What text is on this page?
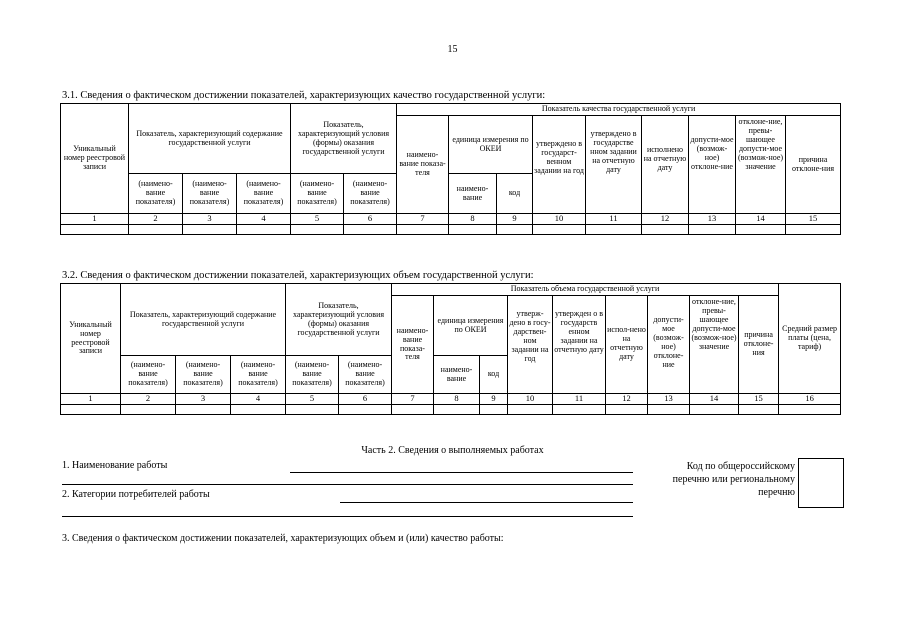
15
3.1. Сведения о фактическом достижении показателей, характеризующих качество государственной услуги:
Уникальный номер реестровой записи	Показатель, характеризующий содержание государственной услуги			Показатель, характеризующий условия (формы) оказания государственной услуги		Показатель качества государственной услуги								
						наимено-вание показа-теля	единица измерения по ОКЕИ		утверждено в государст-венном задании на год	утверждено в государстве нном задании на отчетную дату	исполнено на отчетную дату	допусти-мое (возмож-ное) отклоне-ние	отклоне-ние, превы-шающее допусти-мое (возмож-ное) значение	причина отклоне-ния
	(наимено-вание показателя)	(наимено-вание показателя)	(наимено-вание показателя)	(наимено-вание показателя)	(наимено-вание показателя)		наимено-вание	код						
1	2	3	4	5	6	7	8	9	10	11	12	13	14	15

3.2. Сведения о фактическом достижении показателей, характеризующих объем государственной услуги:
Уникальный номер реестровой записи	Показатель, характеризующий содержание государственной услуги			Показатель, характеризующий условия (формы) оказания государственной услуги		Показатель объема государственной услуги									Средний размер платы (цена, тариф)
						наимено-вание показа-теля	единица измерения по ОКЕИ		утверж-дено в госу-дарствен-ном задании на год	утвержден о в государств енном задании на отчетную дату	испол-нено на отчетную дату	допусти-мое (возмож-ное) отклоне-ние	отклоне-ние, превы-шающее допусти-мое (возмож-ное) значение	причина отклоне-ния	
	(наимено-вание показателя)	(наимено-вание показателя)	(наимено-вание показателя)	(наимено-вание показателя)	(наимено-вание показателя)		наимено-вание	код							
1	2	3	4	5	6	7	8	9	10	11	12	13	14	15	16

Часть 2. Сведения о выполняемых работах
1. Наименование работы
2. Категории потребителей работы
Код по общероссийскому перечню или региональному перечню
3. Сведения о фактическом достижении показателей, характеризующих объем и (или) качество работы:
